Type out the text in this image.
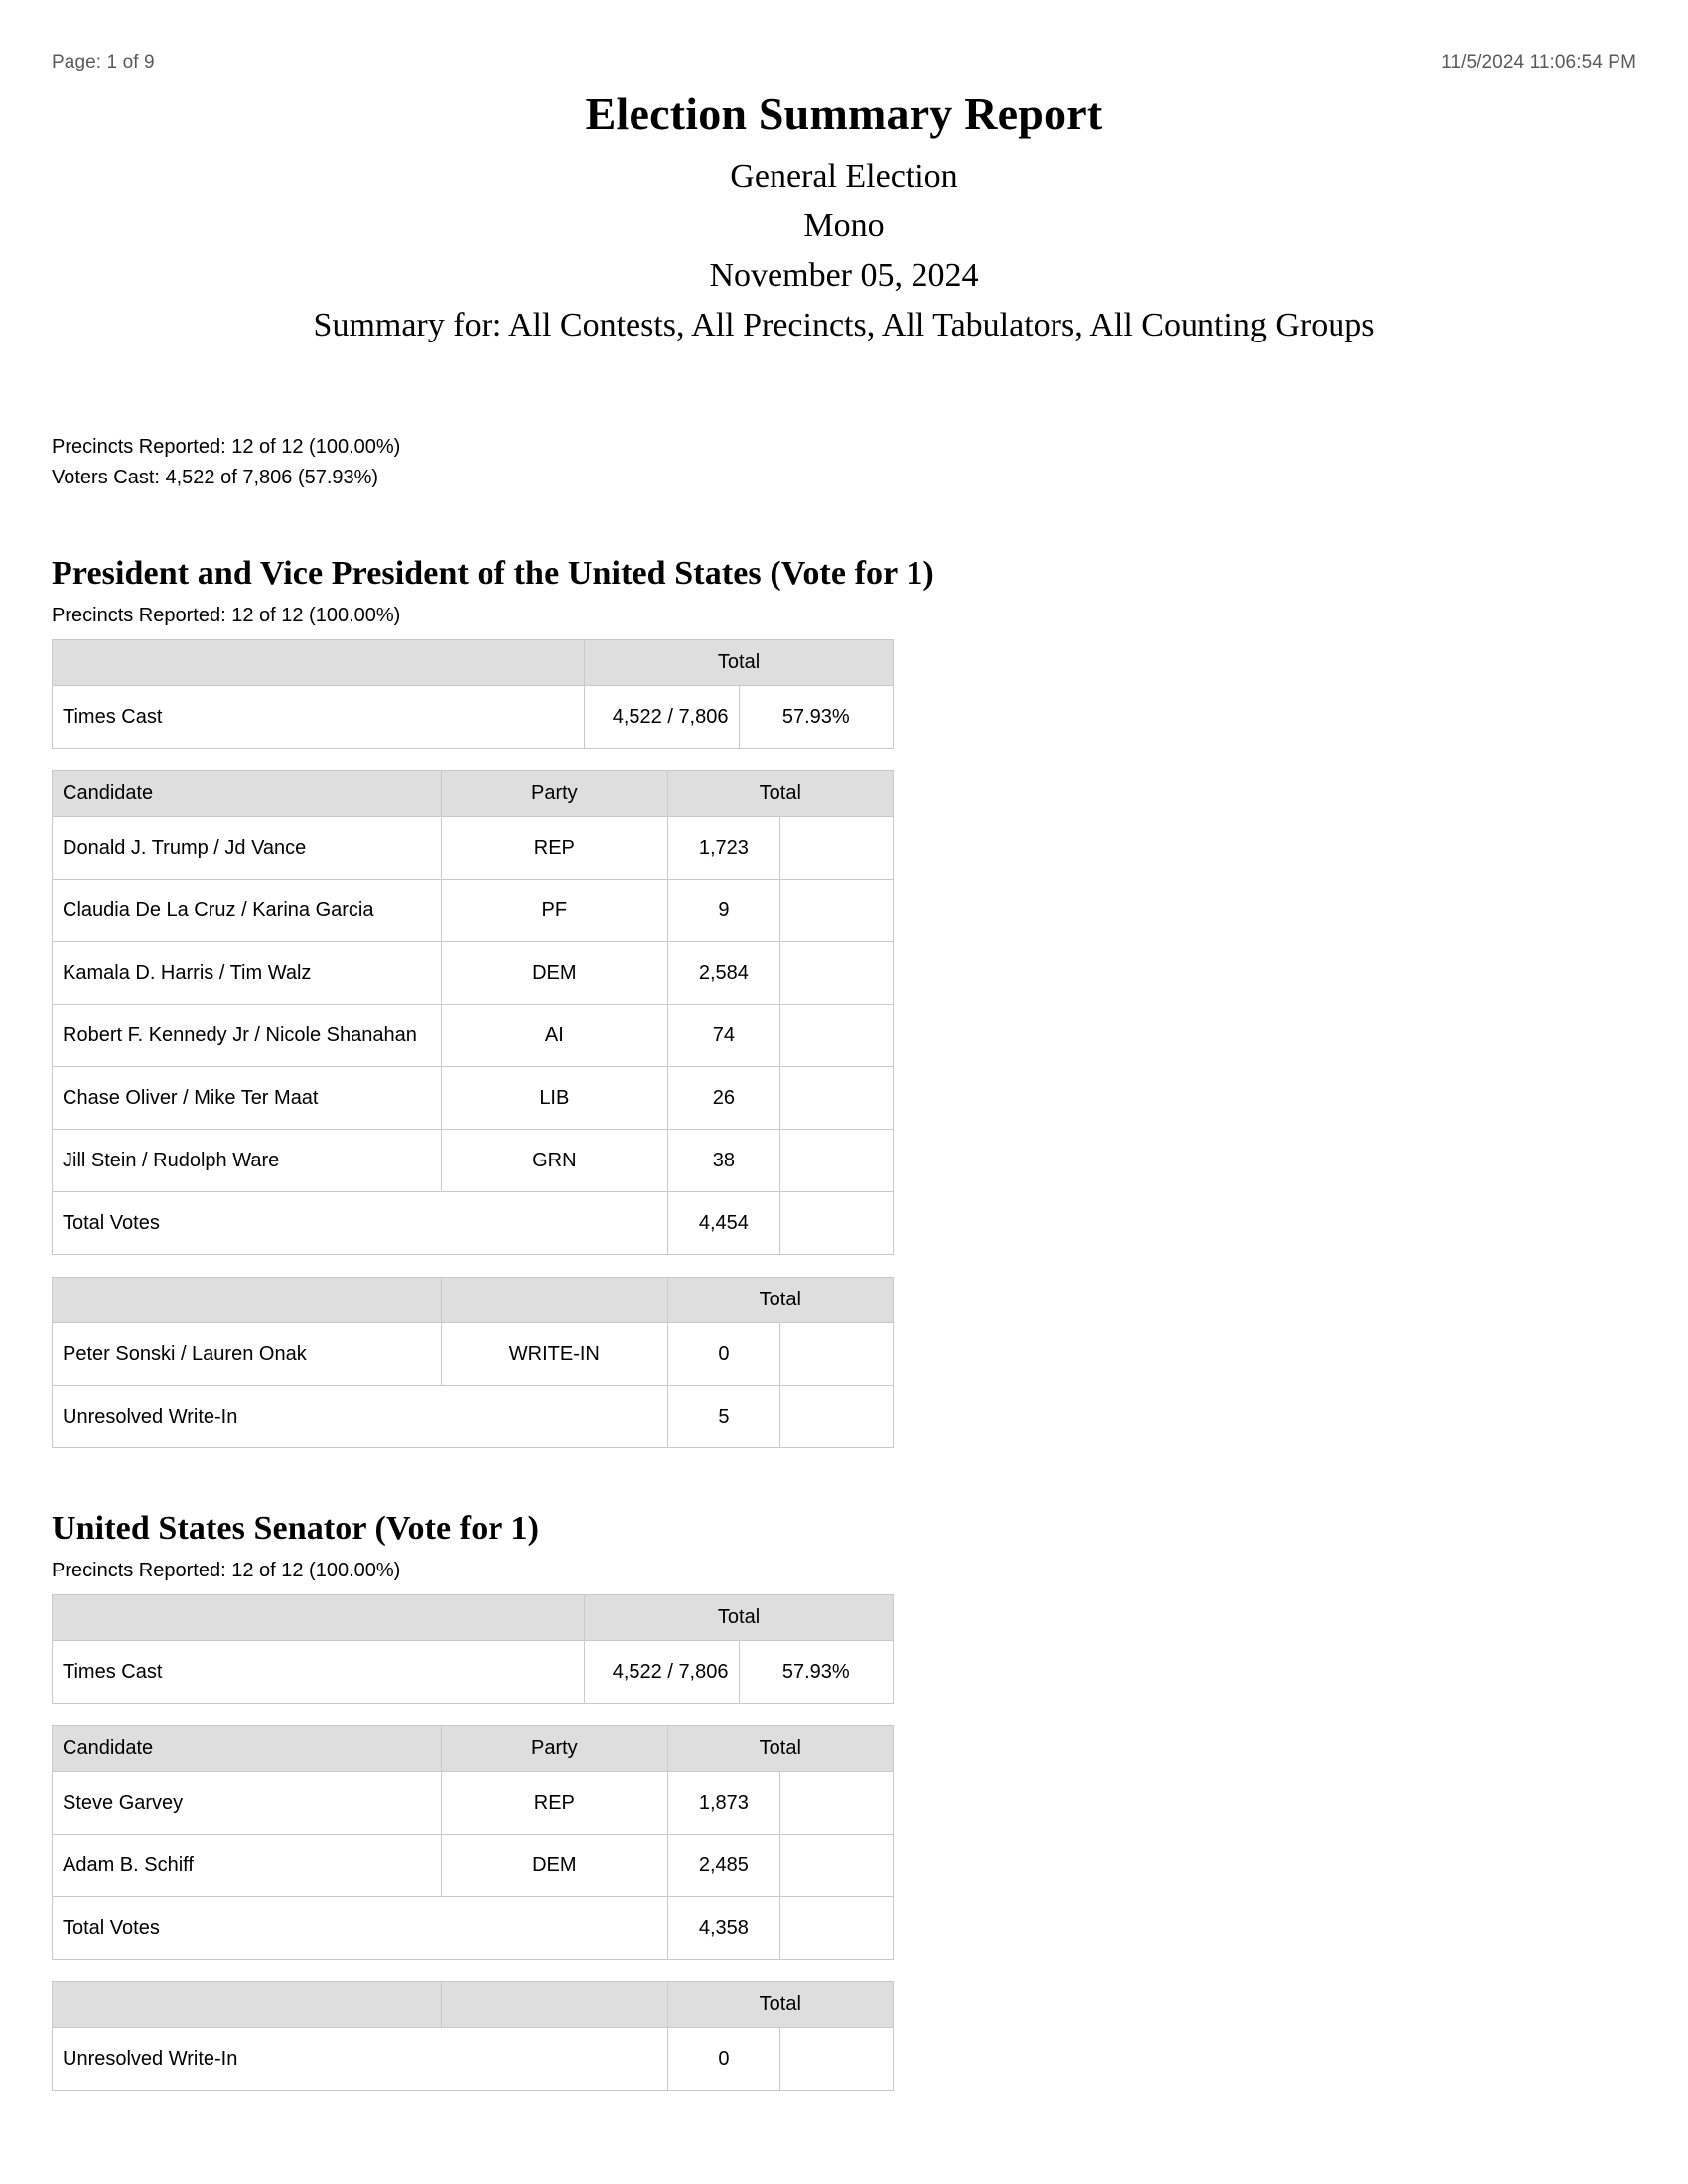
Page: 1 of 9	11/5/2024 11:06:54 PM
Election Summary Report
General Election
Mono
November 05, 2024
Summary for: All Contests, All Precincts, All Tabulators, All Counting Groups
Precincts Reported: 12 of 12 (100.00%)
Voters Cast: 4,522 of 7,806 (57.93%)
President and Vice President of the United States (Vote for 1)
Precincts Reported: 12 of 12 (100.00%)
	Total	
Times Cast	4,522 / 7,806	57.93%
Candidate	Party	Total	
Donald J. Trump / Jd Vance	REP	1,723	
Claudia De La Cruz / Karina Garcia	PF	9	
Kamala D. Harris / Tim Walz	DEM	2,584	
Robert F. Kennedy Jr / Nicole Shanahan	AI	74	
Chase Oliver / Mike Ter Maat	LIB	26	
Jill Stein / Rudolph Ware	GRN	38	
Total Votes		4,454	
		Total	
Peter Sonski / Lauren Onak	WRITE-IN	0	
Unresolved Write-In		5	
United States Senator (Vote for 1)
Precincts Reported: 12 of 12 (100.00%)
	Total	
Times Cast	4,522 / 7,806	57.93%
Candidate	Party	Total	
Steve Garvey	REP	1,873	
Adam B. Schiff	DEM	2,485	
Total Votes		4,358	
		Total	
Unresolved Write-In		0	
